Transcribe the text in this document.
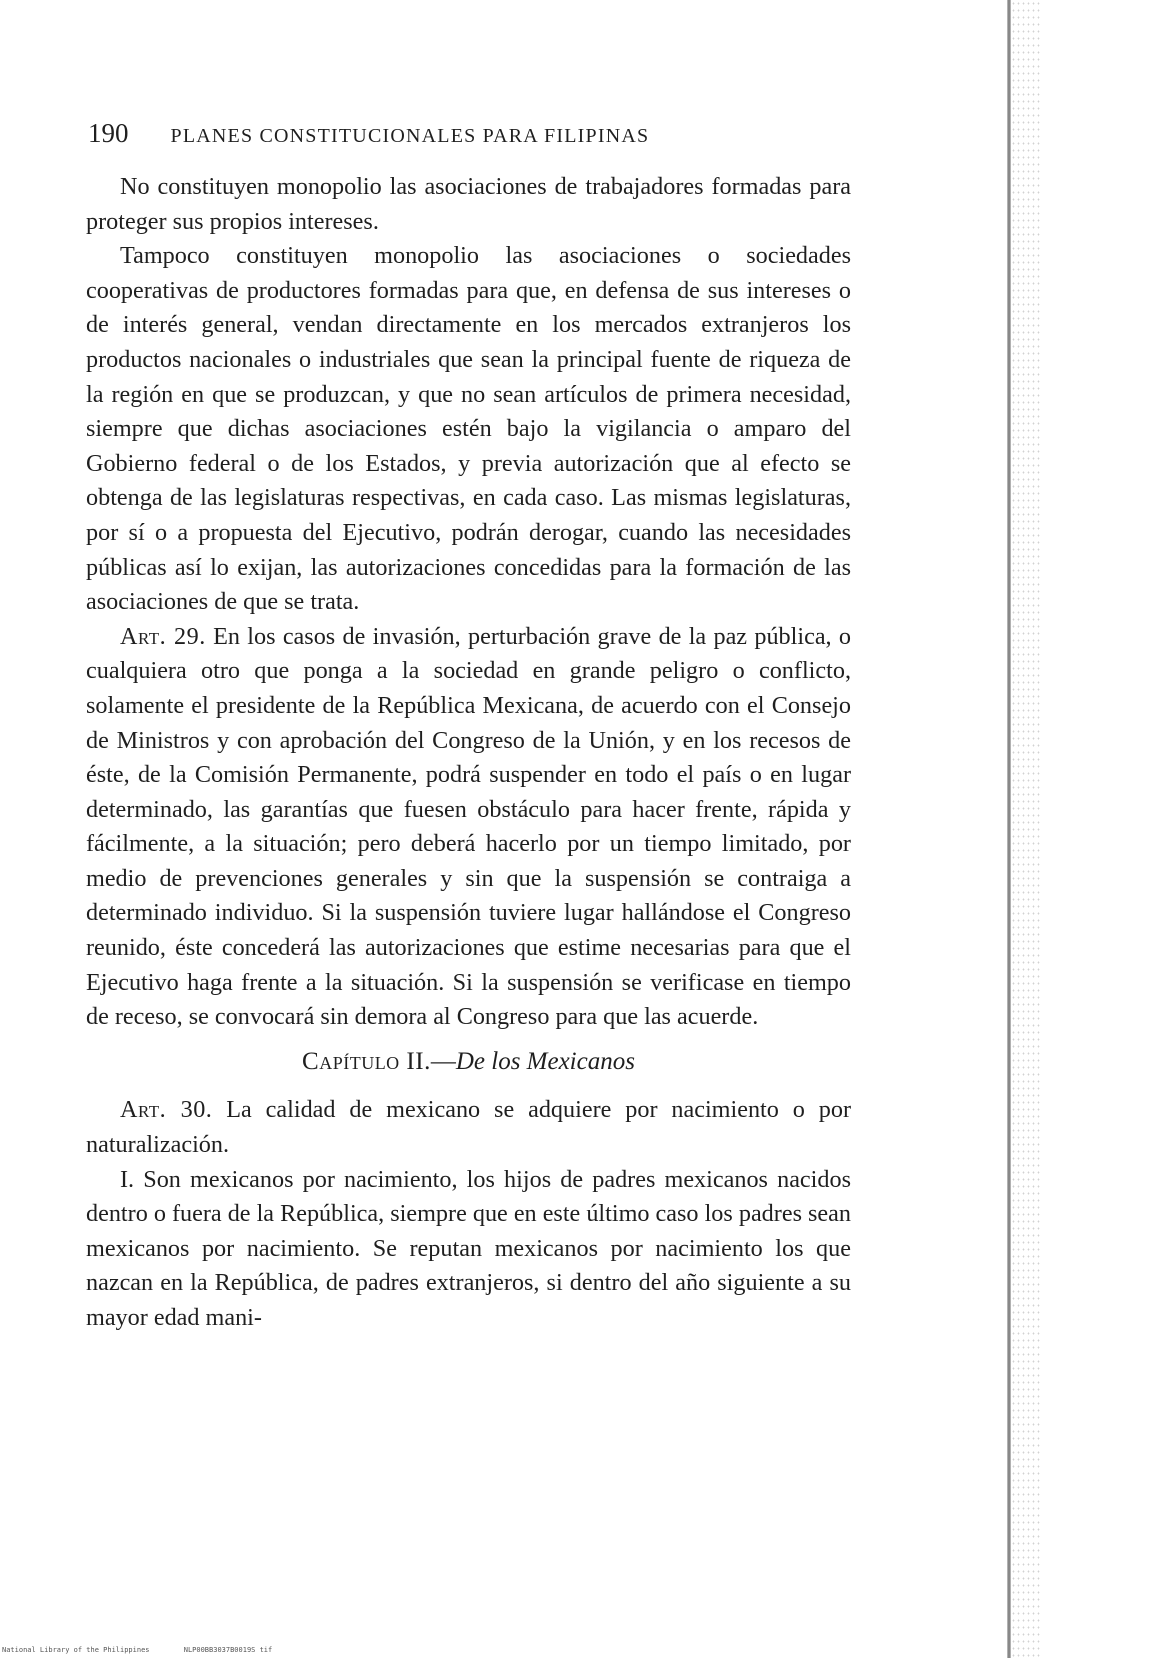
190 PLANES CONSTITUCIONALES PARA FILIPINAS

No constituyen monopolio las asociaciones de trabajadores formadas para proteger sus propios intereses.

Tampoco constituyen monopolio las asociaciones o sociedades cooperativas de productores formadas para que, en defensa de sus intereses o de interés general, vendan directamente en los mercados extranjeros los productos nacionales o industriales que sean la principal fuente de riqueza de la región en que se produzcan, y que no sean artículos de primera necesidad, siempre que dichas asociaciones estén bajo la vigilancia o amparo del Gobierno federal o de los Estados, y previa autorización que al efecto se obtenga de las legislaturas respectivas, en cada caso. Las mismas legislaturas, por sí o a propuesta del Ejecutivo, podrán derogar, cuando las necesidades públicas así lo exijan, las autorizaciones concedidas para la formación de las asociaciones de que se trata.

Art. 29. En los casos de invasión, perturbación grave de la paz pública, o cualquiera otro que ponga a la sociedad en grande peligro o conflicto, solamente el presidente de la República Mexicana, de acuerdo con el Consejo de Ministros y con aprobación del Congreso de la Unión, y en los recesos de éste, de la Comisión Permanente, podrá suspender en todo el país o en lugar determinado, las garantías que fuesen obstáculo para hacer frente, rápida y fácilmente, a la situación; pero deberá hacerlo por un tiempo limitado, por medio de prevenciones generales y sin que la suspensión se contraiga a determinado individuo. Si la suspensión tuviere lugar hallándose el Congreso reunido, éste concederá las autorizaciones que estime necesarias para que el Ejecutivo haga frente a la situación. Si la suspensión se verificase en tiempo de receso, se convocará sin demora al Congreso para que las acuerde.

Capítulo II.—De los Mexicanos

Art. 30. La calidad de mexicano se adquiere por nacimiento o por naturalización.

I. Son mexicanos por nacimiento, los hijos de padres mexicanos nacidos dentro o fuera de la República, siempre que en este último caso los padres sean mexicanos por nacimiento. Se reputan mexicanos por nacimiento los que nazcan en la República, de padres extranjeros, si dentro del año siguiente a su mayor edad mani-

National Library of the Philippines	NLP00BB3037B0019S tif
